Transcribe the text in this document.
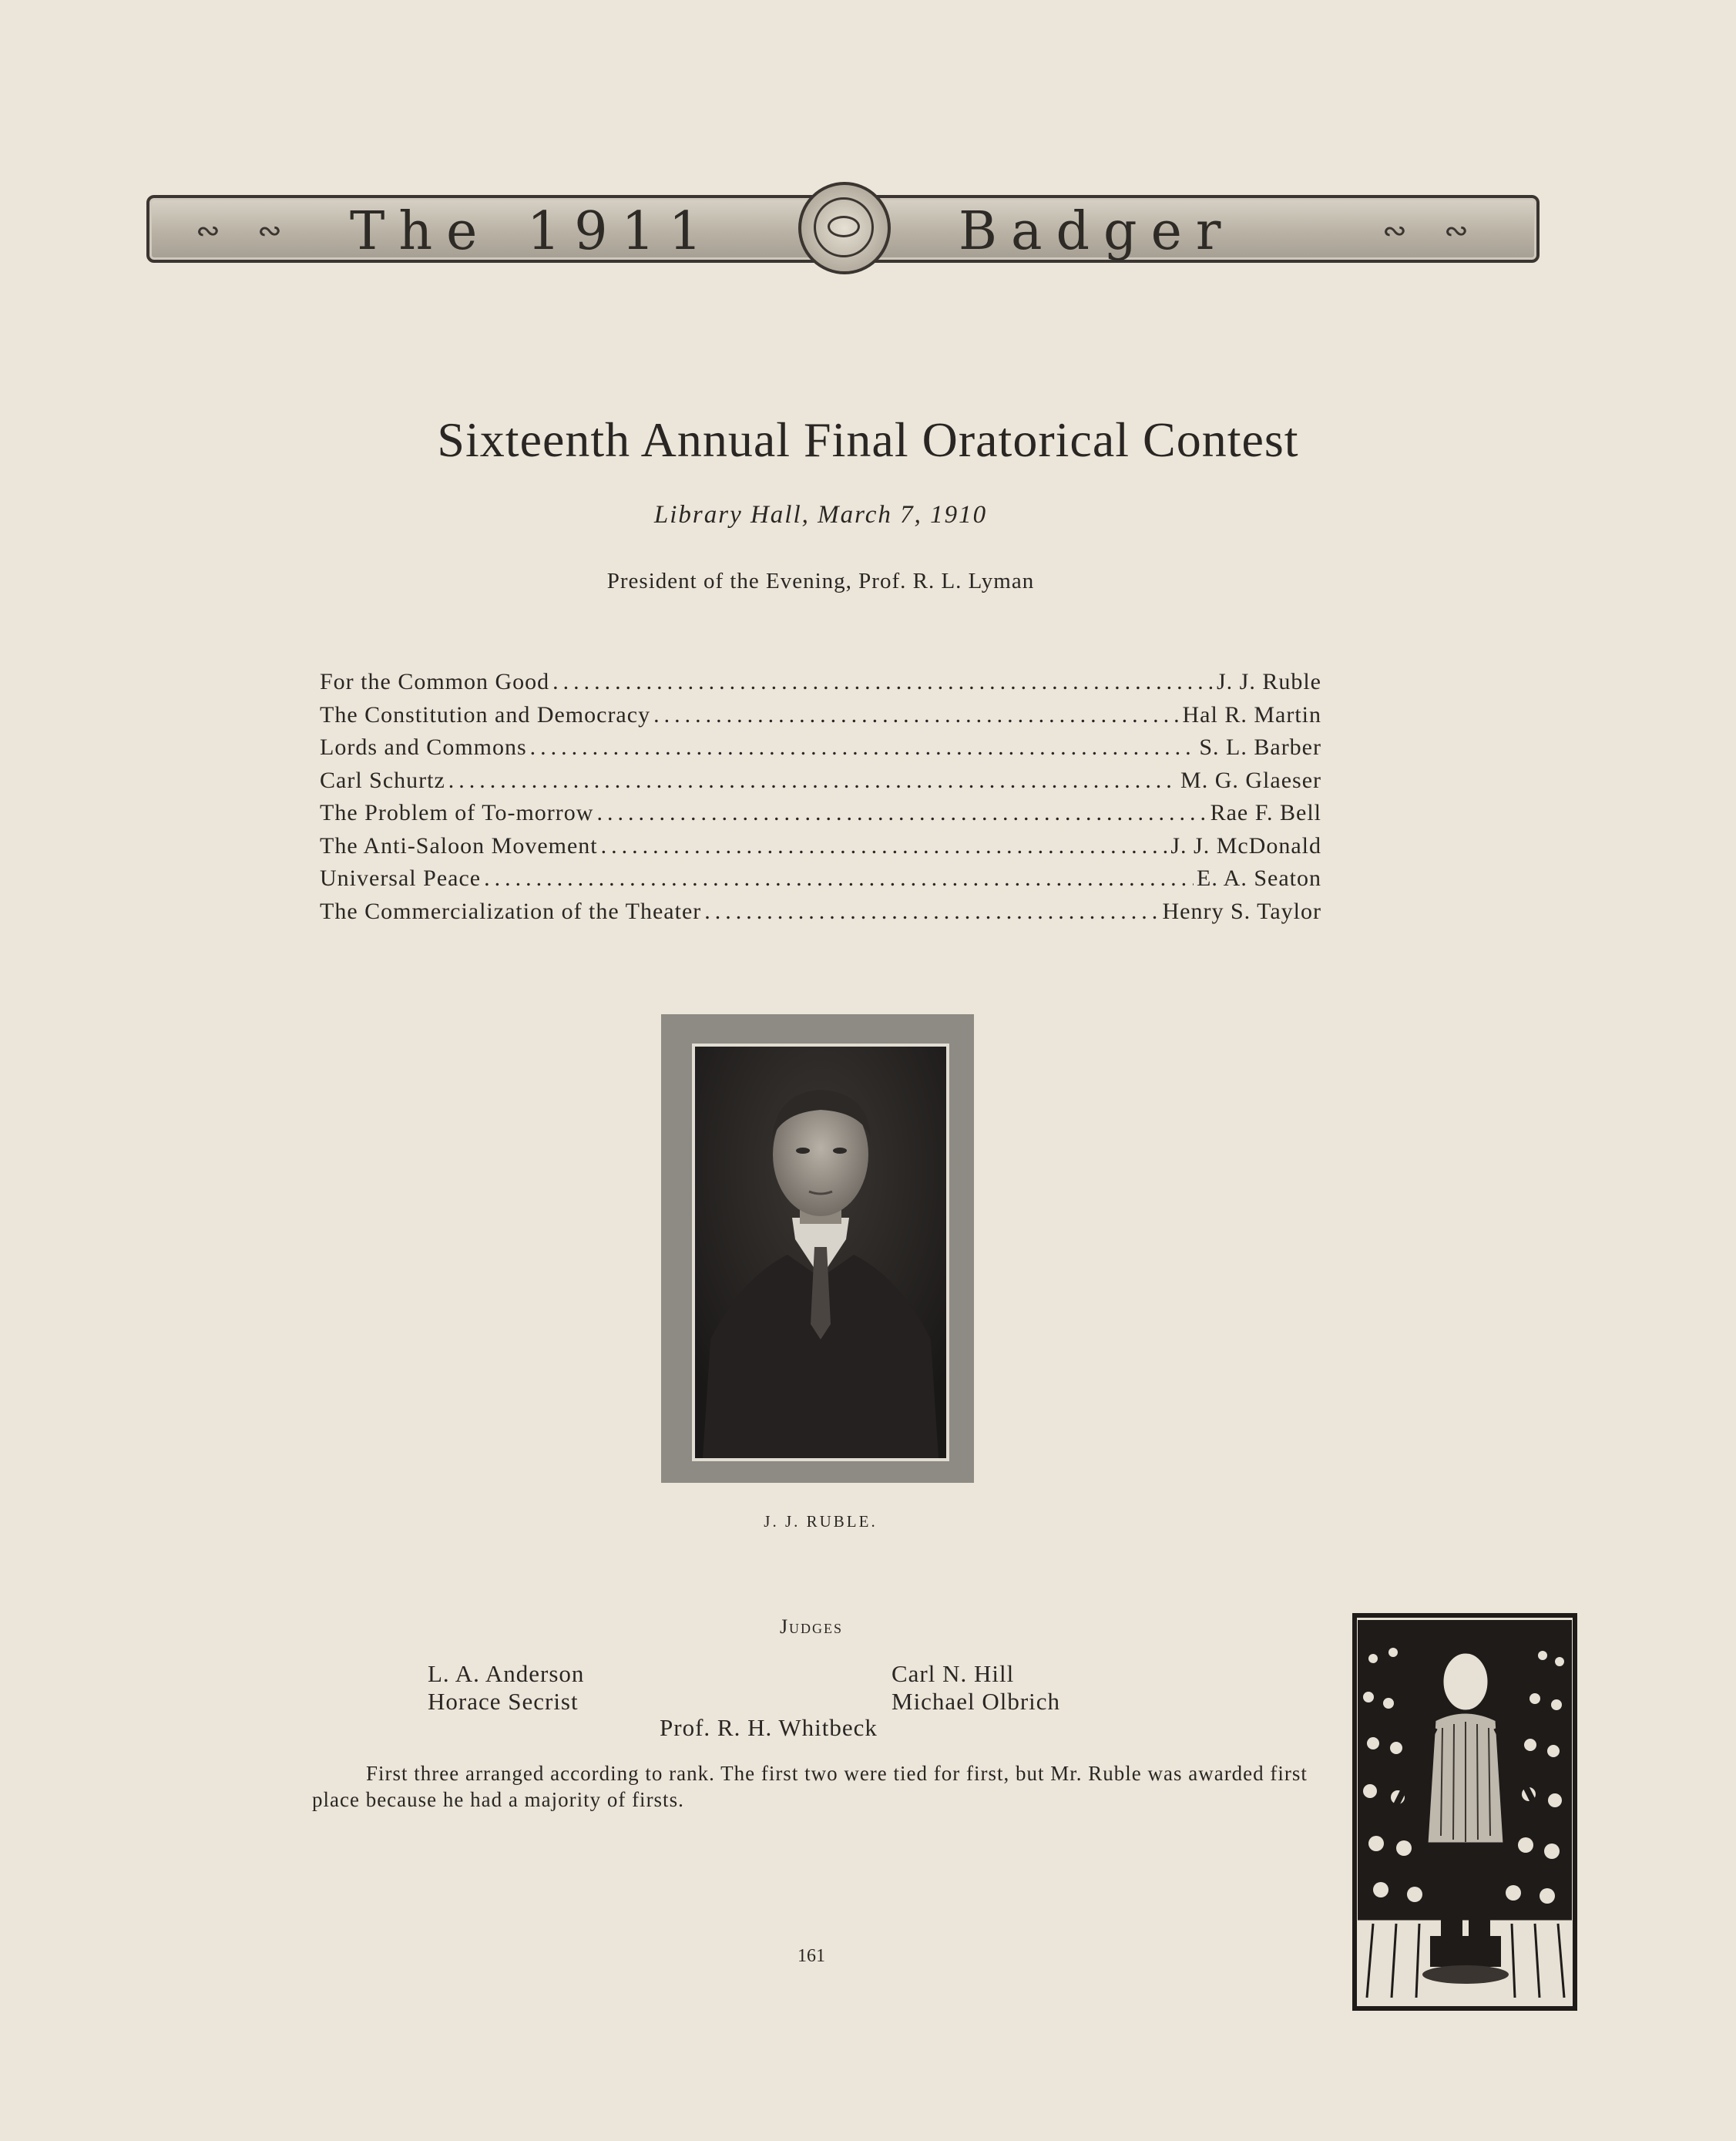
∾ ∾ The 1911	Badger	∾ ∾
Sixteenth Annual Final Oratorical Contest
Library Hall, March 7, 1910
President of the Evening, Prof. R. L. Lyman
For the Common Good .....	J. J. Ruble
The Constitution and Democracy .....	Hal R. Martin
Lords and Commons .....	S. L. Barber
Carl Schurtz .....	M. G. Glaeser
The Problem of To-morrow .....	Rae F. Bell
The Anti-Saloon Movement .....	J. J. McDonald
Universal Peace .....	E. A. Seaton
The Commercialization of the Theater .....	Henry S. Taylor
J. J. RUBLE.
Judges
L. A. Anderson
Horace Secrist
Carl N. Hill
Michael Olbrich
Prof. R. H. Whitbeck

First three arranged according to rank. The first two were tied for first, but Mr. Ruble was awarded first place because he had a majority of firsts.

161
